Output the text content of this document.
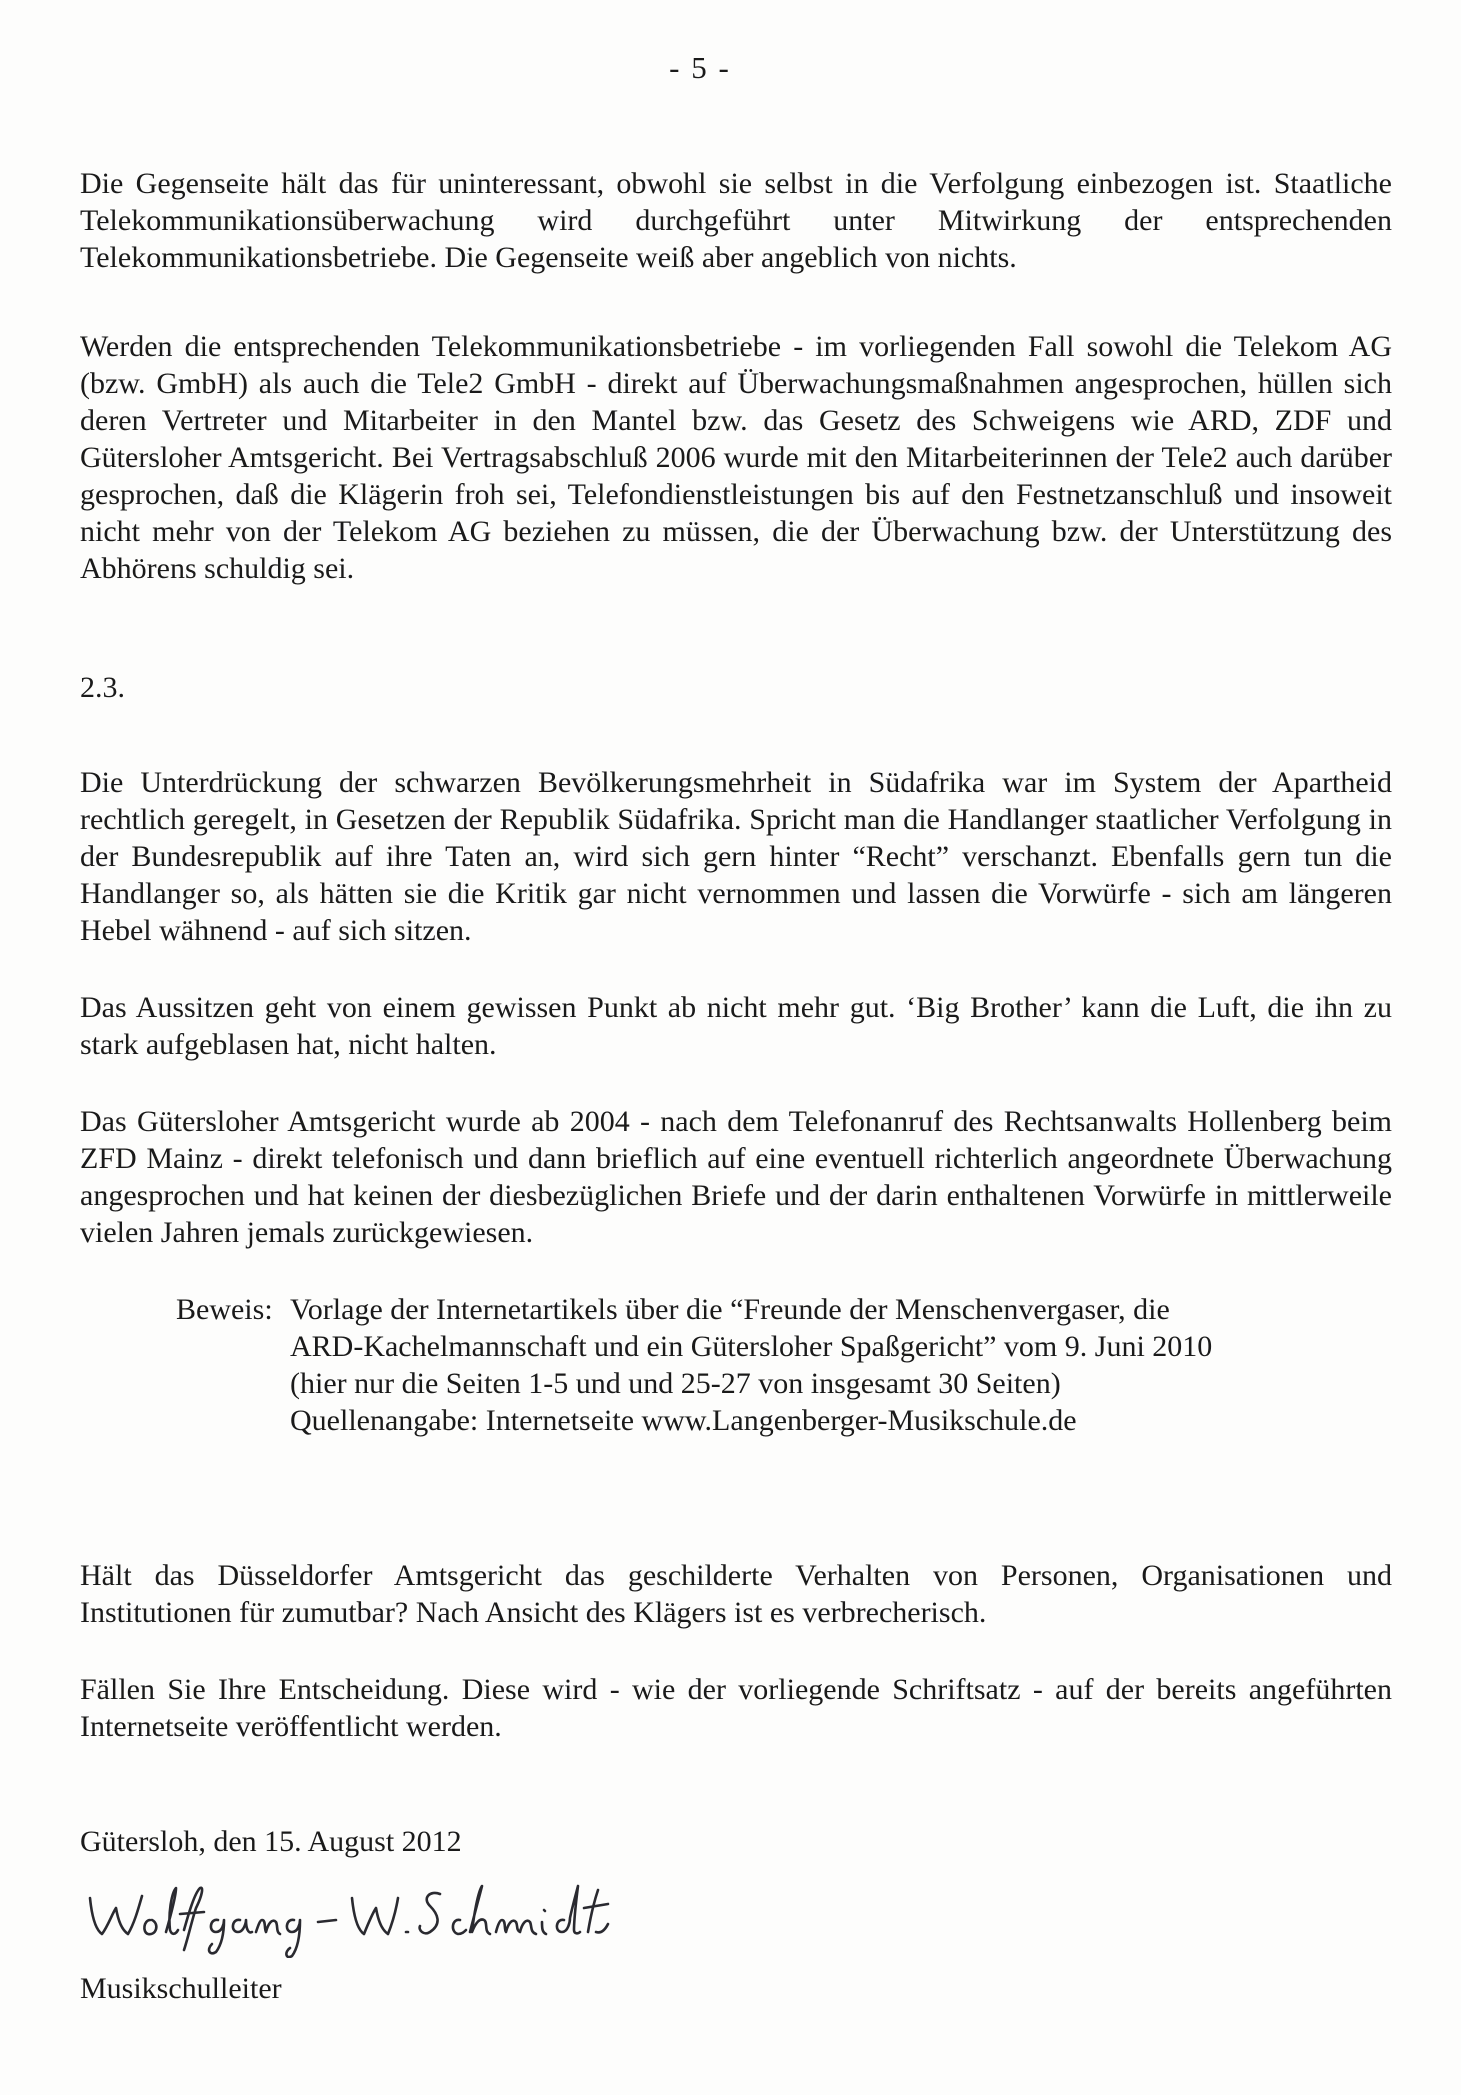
- 5 -

Die Gegenseite hält das für uninteressant, obwohl sie selbst in die Verfolgung einbezogen ist. Staatliche Telekommunikationsüberwachung wird durchgeführt unter Mitwirkung der entsprechenden Telekommunikationsbetriebe. Die Gegenseite weiß aber angeblich von nichts.

Werden die entsprechenden Telekommunikationsbetriebe - im vorliegenden Fall sowohl die Telekom AG (bzw. GmbH) als auch die Tele2 GmbH - direkt auf Überwachungsmaßnahmen angesprochen, hüllen sich deren Vertreter und Mitarbeiter in den Mantel bzw. das Gesetz des Schweigens wie ARD, ZDF und Gütersloher Amtsgericht. Bei Vertragsabschluß 2006 wurde mit den Mitarbeiterinnen der Tele2 auch darüber gesprochen, daß die Klägerin froh sei, Telefondienstleistungen bis auf den Festnetzanschluß und insoweit nicht mehr von der Telekom AG beziehen zu müssen, die der Überwachung bzw. der Unterstützung des Abhörens schuldig sei.

2.3.

Die Unterdrückung der schwarzen Bevölkerungsmehrheit in Südafrika war im System der Apartheid rechtlich geregelt, in Gesetzen der Republik Südafrika. Spricht man die Handlanger staatlicher Verfolgung in der Bundesrepublik auf ihre Taten an, wird sich gern hinter “Recht” verschanzt. Ebenfalls gern tun die Handlanger so, als hätten sie die Kritik gar nicht vernommen und lassen die Vorwürfe - sich am längeren Hebel wähnend - auf sich sitzen.

Das Aussitzen geht von einem gewissen Punkt ab nicht mehr gut. ‘Big Brother’ kann die Luft, die ihn zu stark aufgeblasen hat, nicht halten.

Das Gütersloher Amtsgericht wurde ab 2004 - nach dem Telefonanruf des Rechtsanwalts Hollenberg beim ZFD Mainz - direkt telefonisch und dann brieflich auf eine eventuell richterlich angeordnete Überwachung angesprochen und hat keinen der diesbezüglichen Briefe und der darin enthaltenen Vorwürfe in mittlerweile vielen Jahren jemals zurückgewiesen.

Beweis: Vorlage der Internetartikels über die “Freunde der Menschenvergaser, die
ARD-Kachelmannschaft und ein Gütersloher Spaßgericht” vom 9. Juni 2010
(hier nur die Seiten 1-5 und und 25-27 von insgesamt 30 Seiten)
Quellenangabe: Internetseite www.Langenberger-Musikschule.de

Hält das Düsseldorfer Amtsgericht das geschilderte Verhalten von Personen, Organisationen und Institutionen für zumutbar? Nach Ansicht des Klägers ist es verbrecherisch.

Fällen Sie Ihre Entscheidung. Diese wird - wie der vorliegende Schriftsatz - auf der bereits angeführten Internetseite veröffentlicht werden.

Gütersloh, den 15. August 2012
Musikschulleiter
